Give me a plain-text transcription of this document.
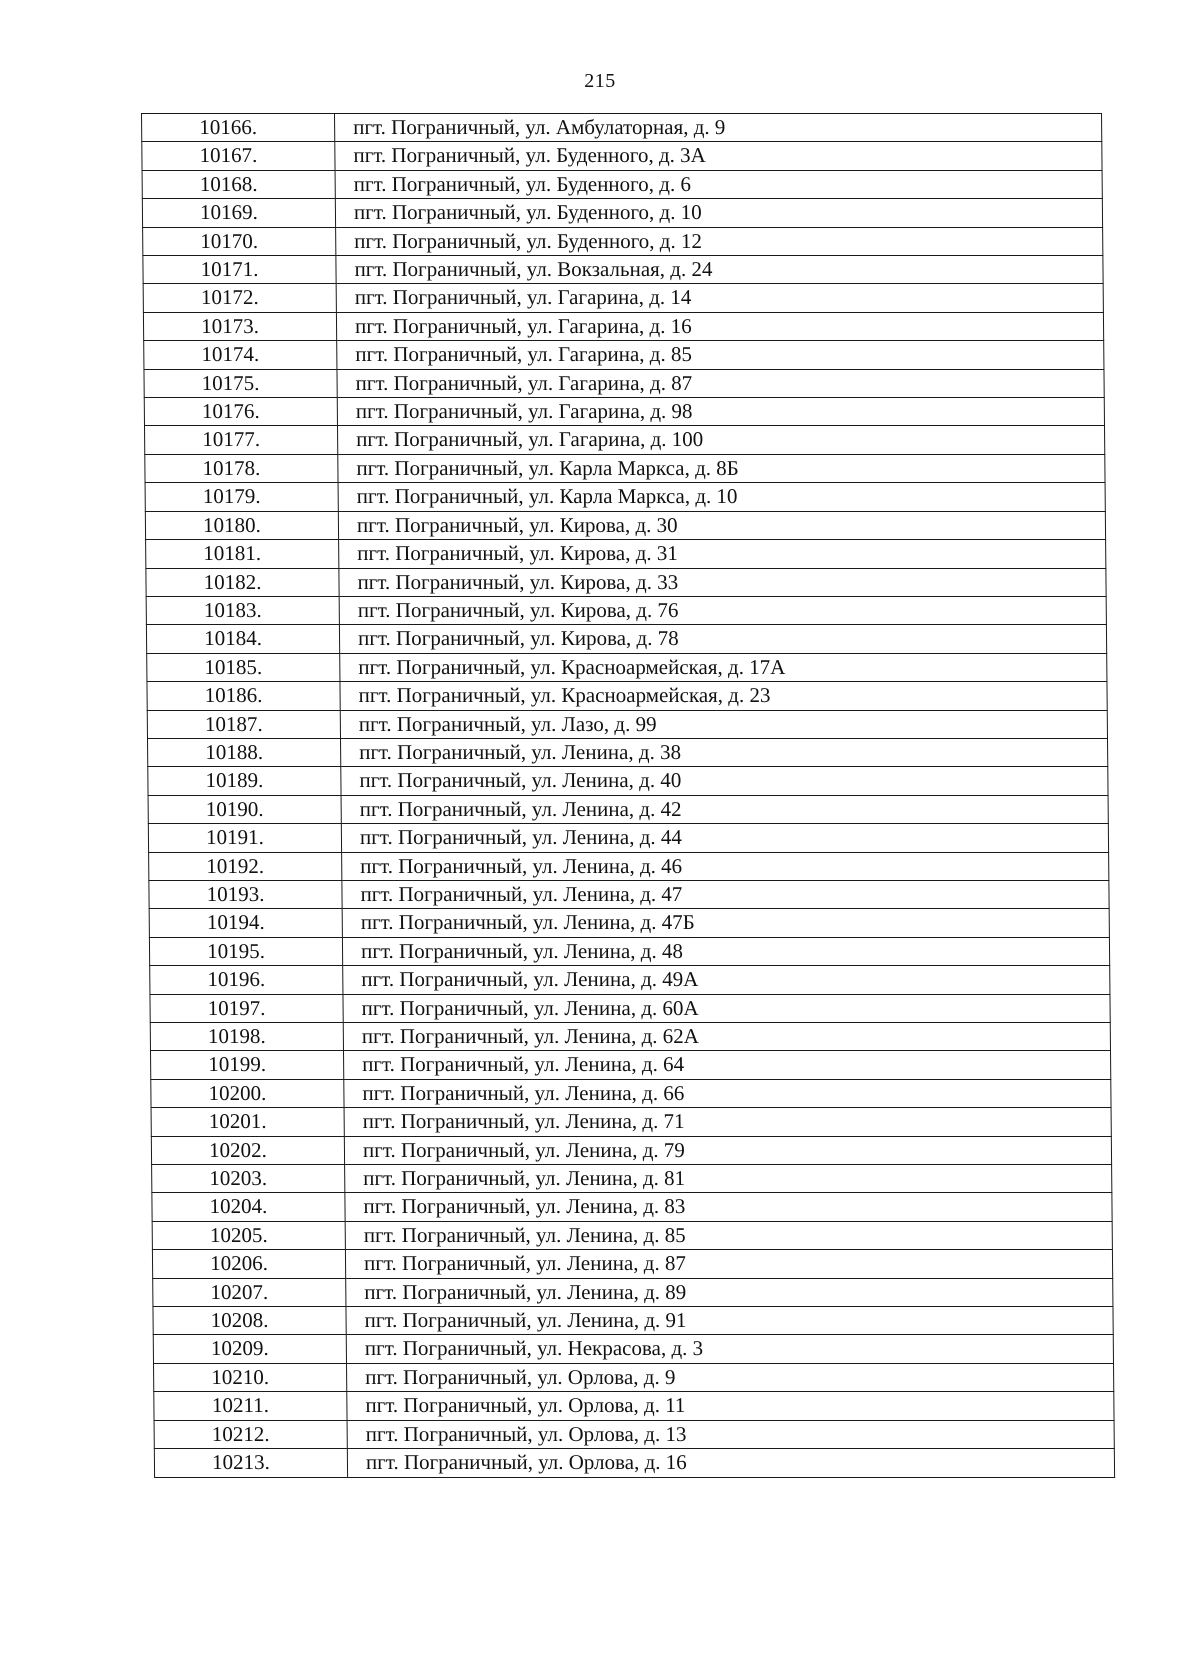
215
10166.	пгт. Пограничный, ул. Амбулаторная, д. 9
10167.	пгт. Пограничный, ул. Буденного, д. 3А
10168.	пгт. Пограничный, ул. Буденного, д. 6
10169.	пгт. Пограничный, ул. Буденного, д. 10
10170.	пгт. Пограничный, ул. Буденного, д. 12
10171.	пгт. Пограничный, ул. Вокзальная, д. 24
10172.	пгт. Пограничный, ул. Гагарина, д. 14
10173.	пгт. Пограничный, ул. Гагарина, д. 16
10174.	пгт. Пограничный, ул. Гагарина, д. 85
10175.	пгт. Пограничный, ул. Гагарина, д. 87
10176.	пгт. Пограничный, ул. Гагарина, д. 98
10177.	пгт. Пограничный, ул. Гагарина, д. 100
10178.	пгт. Пограничный, ул. Карла Маркса, д. 8Б
10179.	пгт. Пограничный, ул. Карла Маркса, д. 10
10180.	пгт. Пограничный, ул. Кирова, д. 30
10181.	пгт. Пограничный, ул. Кирова, д. 31
10182.	пгт. Пограничный, ул. Кирова, д. 33
10183.	пгт. Пограничный, ул. Кирова, д. 76
10184.	пгт. Пограничный, ул. Кирова, д. 78
10185.	пгт. Пограничный, ул. Красноармейская, д. 17А
10186.	пгт. Пограничный, ул. Красноармейская, д. 23
10187.	пгт. Пограничный, ул. Лазо, д. 99
10188.	пгт. Пограничный, ул. Ленина, д. 38
10189.	пгт. Пограничный, ул. Ленина, д. 40
10190.	пгт. Пограничный, ул. Ленина, д. 42
10191.	пгт. Пограничный, ул. Ленина, д. 44
10192.	пгт. Пограничный, ул. Ленина, д. 46
10193.	пгт. Пограничный, ул. Ленина, д. 47
10194.	пгт. Пограничный, ул. Ленина, д. 47Б
10195.	пгт. Пограничный, ул. Ленина, д. 48
10196.	пгт. Пограничный, ул. Ленина, д. 49А
10197.	пгт. Пограничный, ул. Ленина, д. 60А
10198.	пгт. Пограничный, ул. Ленина, д. 62А
10199.	пгт. Пограничный, ул. Ленина, д. 64
10200.	пгт. Пограничный, ул. Ленина, д. 66
10201.	пгт. Пограничный, ул. Ленина, д. 71
10202.	пгт. Пограничный, ул. Ленина, д. 79
10203.	пгт. Пограничный, ул. Ленина, д. 81
10204.	пгт. Пограничный, ул. Ленина, д. 83
10205.	пгт. Пограничный, ул. Ленина, д. 85
10206.	пгт. Пограничный, ул. Ленина, д. 87
10207.	пгт. Пограничный, ул. Ленина, д. 89
10208.	пгт. Пограничный, ул. Ленина, д. 91
10209.	пгт. Пограничный, ул. Некрасова, д. 3
10210.	пгт. Пограничный, ул. Орлова, д. 9
10211.	пгт. Пограничный, ул. Орлова, д. 11
10212.	пгт. Пограничный, ул. Орлова, д. 13
10213.	пгт. Пограничный, ул. Орлова, д. 16
